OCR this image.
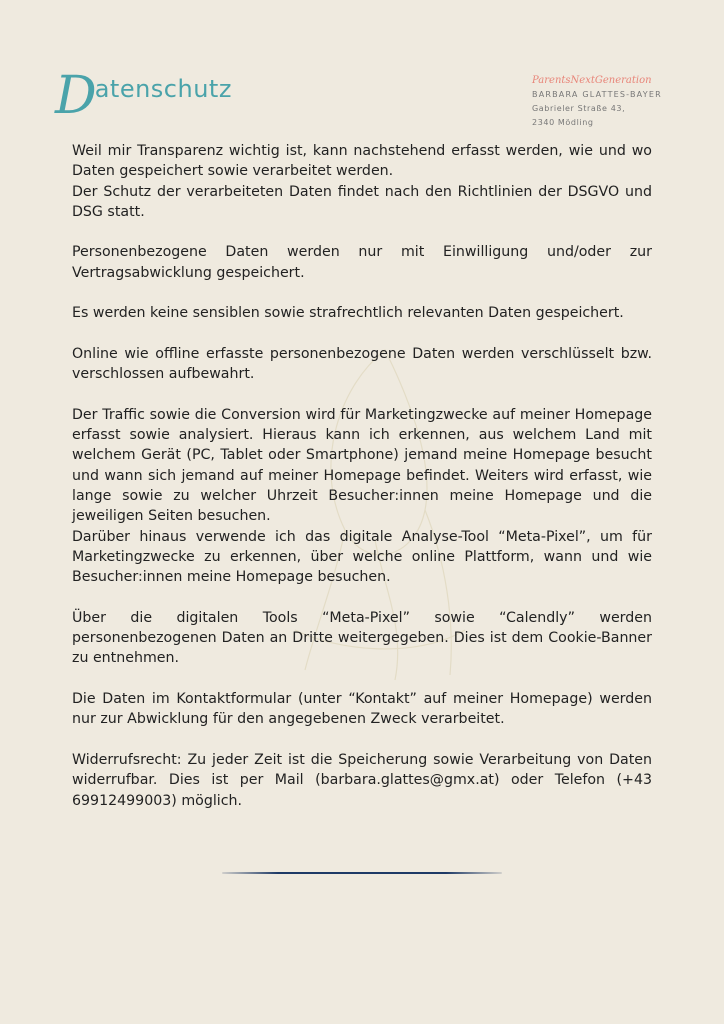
D
atenschutz	ParentsNextGeneration
BARBARA GLATTES-BAYER
Gabrieler Straße 43,
2340 Mödling

Weil mir Transparenz wichtig ist, kann nachstehend erfasst werden, wie und wo Daten gespeichert sowie verarbeitet werden.
Der Schutz der verarbeiteten Daten findet nach den Richtlinien der DSGVO und DSG statt.

Personenbezogene Daten werden nur mit Einwilligung und/oder zur Vertragsabwicklung gespeichert.

Es werden keine sensiblen sowie strafrechtlich relevanten Daten gespeichert.

Online wie offline erfasste personenbezogene Daten werden verschlüsselt bzw. verschlossen aufbewahrt.

Der Traffic sowie die Conversion wird für Marketingzwecke auf meiner Homepage erfasst sowie analysiert. Hieraus kann ich erkennen, aus welchem Land mit welchem Gerät (PC, Tablet oder Smartphone) jemand meine Homepage besucht und wann sich jemand auf meiner Homepage befindet. Weiters wird erfasst, wie lange sowie zu welcher Uhrzeit Besucher:innen meine Homepage und die jeweiligen Seiten besuchen.
Darüber hinaus verwende ich das digitale Analyse-Tool “Meta-Pixel”, um für Marketingzwecke zu erkennen, über welche online Plattform, wann und wie Besucher:innen meine Homepage besuchen.

Über die digitalen Tools “Meta-Pixel” sowie “Calendly” werden personenbezogenen Daten an Dritte weitergegeben. Dies ist dem Cookie-Banner zu entnehmen.

Die Daten im Kontaktformular (unter “Kontakt” auf meiner Homepage) werden nur zur Abwicklung für den angegebenen Zweck verarbeitet.

Widerrufsrecht: Zu jeder Zeit ist die Speicherung sowie Verarbeitung von Daten widerrufbar. Dies ist per Mail (barbara.glattes@gmx.at) oder Telefon (+43 69912499003) möglich.
